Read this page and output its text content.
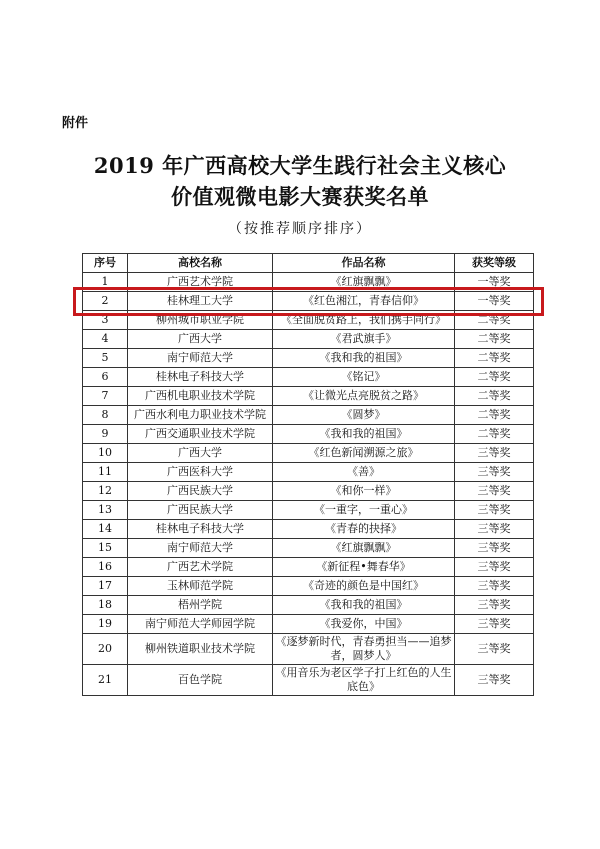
附件

2019 年广西高校大学生践行社会主义核心
价值观微电影大赛获奖名单

（按推荐顺序排序）

序号	高校名称	作品名称	获奖等级
1	广西艺术学院	《红旗飘飘》	一等奖
2	桂林理工大学	《红色湘江，青春信仰》	一等奖
3	柳州城市职业学院	《全面脱贫路上，我们携手同行》	二等奖
4	广西大学	《君武旗手》	二等奖
5	南宁师范大学	《我和我的祖国》	二等奖
6	桂林电子科技大学	《铭记》	二等奖
7	广西机电职业技术学院	《让微光点亮脱贫之路》	二等奖
8	广西水利电力职业技术学院	《圆梦》	二等奖
9	广西交通职业技术学院	《我和我的祖国》	二等奖
10	广西大学	《红色新闻溯源之旅》	三等奖
11	广西医科大学	《善》	三等奖
12	广西民族大学	《和你一样》	三等奖
13	广西民族大学	《一重字，一重心》	三等奖
14	桂林电子科技大学	《青春的抉择》	三等奖
15	南宁师范大学	《红旗飘飘》	三等奖
16	广西艺术学院	《新征程•舞春华》	三等奖
17	玉林师范学院	《奇迹的颜色是中国红》	三等奖
18	梧州学院	《我和我的祖国》	三等奖
19	南宁师范大学师园学院	《我爱你，中国》	三等奖
20	柳州铁道职业技术学院	《逐梦新时代，青春勇担当——追梦者，圆梦人》	三等奖
21	百色学院	《用音乐为老区学子打上红色的人生底色》	三等奖
